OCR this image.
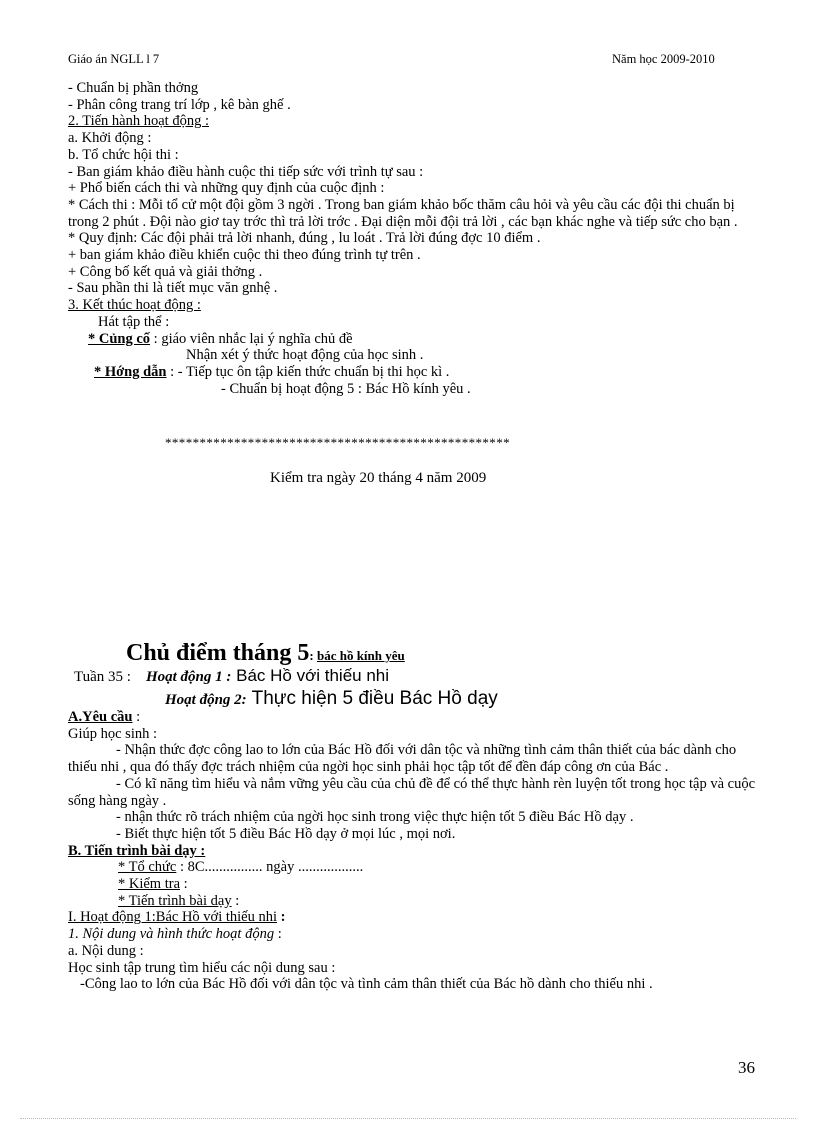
Giáo án NGLL l 7	Năm học 2009-2010
- Chuẩn bị phần thởng
- Phân công trang trí lớp , kê bàn ghế .
2. Tiến hành hoạt động :
a. Khởi động :
b. Tổ chức hội thi :
- Ban giám khảo điều hành cuộc thi tiếp sức với trình tự sau :
+ Phổ biến cách thi và những quy định của cuộc định :
* Cách thi : Mỗi tổ cử một đội gồm 3 ngời . Trong ban giám khảo bốc thăm câu hỏi và yêu cầu các đội thi chuẩn bị trong 2 phút . Đội nào giơ tay trớc thì trả lời trớc . Đại diện mỗi đội trả lời , các bạn khác nghe và tiếp sức cho bạn .
* Quy định: Các đội phải trả lời nhanh, đúng , lu loát . Trả lời đúng đợc 10 điểm .
+ ban giám khảo điều khiển cuộc thi theo đúng trình tự trên .
+ Công bố kết quả và giải thởng .
- Sau phần thi là tiết mục văn gnhệ .
3. Kết thúc hoạt động :
Hát tập thể :
* Củng cố : giáo viên nhắc lại ý nghĩa chủ đề
Nhận xét ý thức hoạt động của học sinh .
* Hớng dẫn : - Tiếp tục ôn tập kiến thức chuẩn bị thi học kì .
- Chuẩn bị hoạt động 5 : Bác Hồ kính yêu .
**************************************************
Kiểm tra ngày 20 tháng 4 năm 2009
Chủ điểm tháng 5: bác hồ kính yêu
Tuần 35 : Hoạt động 1 : Bác Hồ với thiếu nhi
Hoạt động 2: Thực hiện 5 điều Bác Hồ dạy
A.Yêu cầu :
Giúp học sinh :
- Nhận thức đợc công lao to lớn của Bác Hồ đối với dân tộc và những tình cảm thân thiết của bác dành cho thiếu nhi , qua đó thấy đợc trách nhiệm của ngời học sinh phải học tập tốt để đền đáp công ơn của Bác .
- Có kĩ năng tìm hiểu và nắm vững yêu cầu của chủ đề để có thể thực hành rèn luyện tốt trong học tập và cuộc sống hàng ngày .
- nhận thức rõ trách nhiệm của ngời học sinh trong việc thực hiện tốt 5 điều Bác Hồ dạy .
- Biết thực hiện tốt 5 điều Bác Hồ dạy ở mọi lúc , mọi nơi.
B. Tiến trình bài dạy :
* Tổ chức : 8C................ ngày ..................
* Kiểm tra :
* Tiến trình bài dạy :
I. Hoạt động 1:Bác Hồ với thiếu nhi :
1. Nội dung và hình thức hoạt động :
a. Nội dung :
Học sinh tập trung tìm hiểu các nội dung sau :
-Công lao to lớn của Bác Hồ đối với dân tộc và tình cảm thân thiết của Bác hồ dành cho thiếu nhi .
36
